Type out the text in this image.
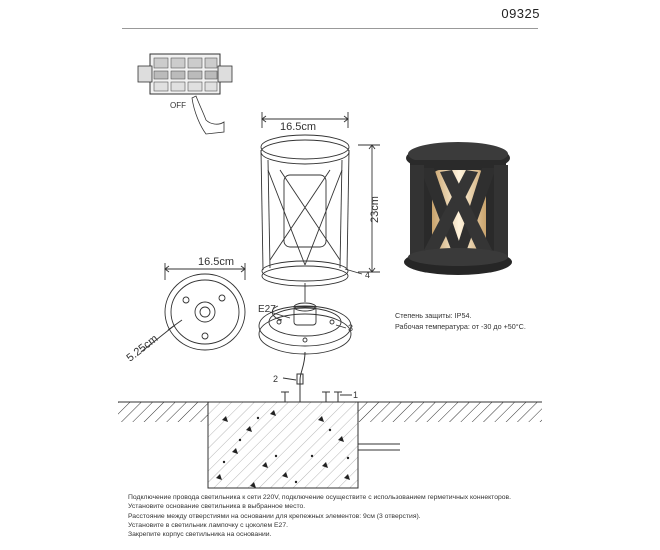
09325
OFF
16.5cm
23cm
4
16.5cm
5.25cm
E27
3
2
1
Степень защиты: IP54.
Рабочая температура: от -30 до +50°C.
Подключение провода светильника к сети 220V, подключение осуществите с использованием герметичных коннекторов.
Установите основание светильника в выбранное место.
Расстояние между отверстиями на основании для крепежных элементов: 9см (3 отверстия).
Установите в светильник лампочку с цоколем E27.
Закрепите корпус светильника на основании.
